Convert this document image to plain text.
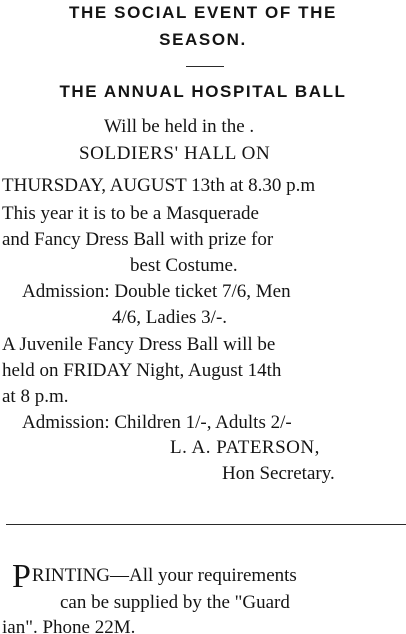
THE SOCIAL EVENT OF THE
SEASON.
THE ANNUAL HOSPITAL BALL
Will be held in the .
SOLDIERS' HALL ON
THURSDAY, AUGUST 13th at 8.30 p.m
This year it is to be a Masquerade
and Fancy Dress Ball with prize for
best Costume.
Admission: Double ticket 7/6, Men
4/6, Ladies 3/-.
A Juvenile Fancy Dress Ball will be
held on FRIDAY Night, August 14th
at 8 p.m.
Admission: Children 1/-, Adults 2/-
L. A. PATERSON,
Hon Secretary.
PRINTING—All your requirements
can be supplied by the "Guard
ian". Phone 22M.
